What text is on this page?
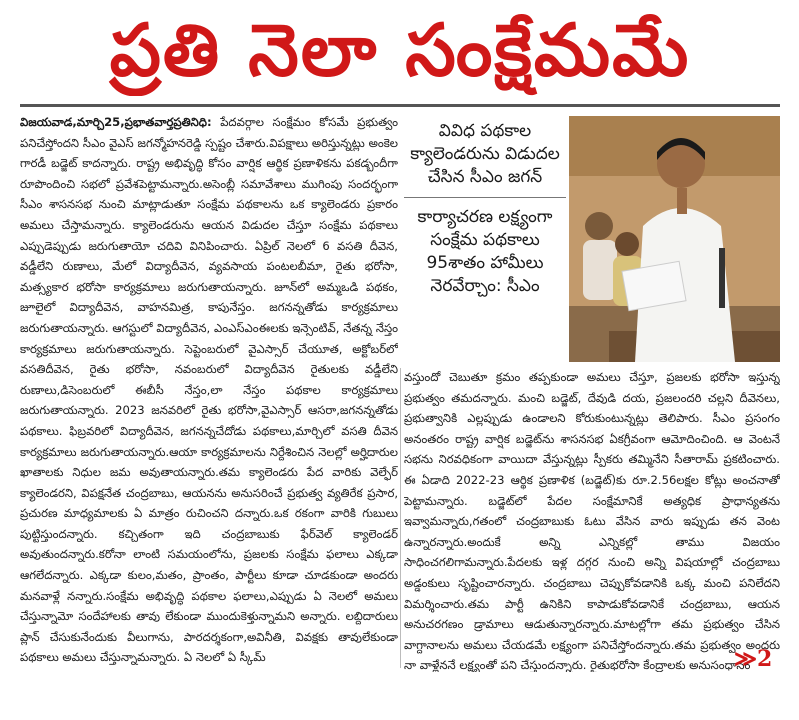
ప్రతి నెలా సంక్షేమమే

విజయవాడ,మార్చి25,ప్రభాతవార్తప్రతినిధి: పేదవర్గాల సంక్షేమం కోసమే ప్రభుత్వం పనిచేస్తోందని సీఎం వైఎస్ జగన్మోహనరెడ్డి స్పష్టం చేశారు.విపక్షాలు అరిస్తున్నట్లు అంకెల గారడీ బడ్జెట్ కాదన్నారు. రాష్ట్ర అభివృద్ధి కోసం వార్షిక ఆర్థిక ప్రణాళికను పకడ్బందీగా రూపొందించి సభలో ప్రవేశపెట్టామన్నారు.అసెంబ్లీ సమావేశాలు ముగింపు సందర్భంగా సీఎం శాసనసభ నుంచి మాట్లాడుతూ సంక్షేమ పథకాలను ఒక క్యాలెండరు ప్రకారం అమలు చేస్తామన్నారు. క్యాలెండరును ఆయన విడుదల చేస్తూ సంక్షేమ పథకాలు ఎప్పుడెప్పుడు జరుగుతాయో చదివి వినిపించారు. ఏప్రిల్ నెలలో 6 వసతి దీవెన, వడ్డీలేని రుణాలు, మేలో విద్యాదీవెన, వ్యవసాయ పంటలబీమా, రైతు భరోసా, మత్స్యకార భరోసా కార్యక్రమాలు జరుగుతాయన్నారు. జూన్‌లో అమ్మఒడి పథకం, జూలైలో విద్యాదీవెన, వాహనమిత్ర, కాపునేస్తం. జగనన్నతోడు కార్యక్రమాలు జరుగుతాయన్నారు. ఆగస్టులో విద్యాదీవెన, ఎంఎస్ఎంఈలకు ఇన్సెంటివ్, నేతన్న నేస్తం కార్యక్రమాలు జరుగుతాయన్నారు. సెప్టెంబరులో వైఎస్సార్ చేయూత, అక్టోబర్‌లో వసతిదీవెన, రైతు భరోసా, నవంబరులో విద్యాదీవెన రైతులకు వడ్డీలేని రుణాలు,డిసెంబరులో ఈబీసీ నేస్తం,లా నేస్తం పథకాల కార్యక్రమాలు జరుగుతాయన్నారు. 2023 జనవరిలో రైతు భరోసా,వైఎస్సార్ ఆసరా,జగనన్నతోడు పథకాలు. ఫిబ్రవరిలో విద్యాదీవెన, జగనన్నచేదోడు పథకాలు,మార్చిలో వసతి దీవెన కార్యక్రమాలు జరుగుతాయన్నారు.ఆయా కార్యక్రమాలను నిర్దేశించిన నెలల్లో అర్హిదారుల ఖాతాలకు నిధుల జమ అవుతాయన్నారు.తమ క్యాలెండరు పేద వారికు వెల్ఫేర్ క్యాలెండరని, విపక్షనేత చంద్రబాబు, ఆయనను అనుసరించే ప్రభుత్వ వ్యతిరేక ప్రసార, ప్రచురణ మాధ్యమాలకు ఏ మాత్రం రుచించని దన్నారు.ఒక రకంగా వారికి గుబులు పుట్టిస్తుందన్నారు. కచ్చితంగా ఇది చంద్రబాబుకు ఫేర్‌వెల్ క్యాలెండర్ అవుతుందన్నారు.కరోనా లాంటి సమయంలోను, ప్రజలకు సంక్షేమ ఫలాలు ఎక్కడా ఆగలేదన్నారు. ఎక్కడా కులం,మతం, ప్రాంతం, పార్టీలు కూడా చూడకుండా అందరు మనవాళ్లే నన్నారు.సంక్షేమ అభివృద్ధి పథకాల ఫలాలు,ఎప్పుడు ఏ నెలలో అమలు చేస్తున్నామో సందేహాలకు తావు లేకుండా ముందుకెళ్తున్నామని అన్నారు. లబ్దిదారులు ప్లాన్ చేసుకునేందుకు వీలుగాను, పారదర్శకంగా,అవినీతి, వివక్షకు తావులేకుండా పథకాలు అమలు చేస్తున్నామన్నారు. ఏ నెలలో ఏ స్కీమ్

వివిధ పథకాల క్యాలెండరును విడుదల చేసిన సీఎం జగన్
కార్యాచరణ లక్ష్యంగా సంక్షేమ పథకాలు 95శాతం హామీలు నెరవేర్చాం: సీఎం

వస్తుందో చెబుతూ క్రమం తప్పకుండా అమలు చేస్తూ, ప్రజలకు భరోసా ఇస్తున్న ప్రభుత్వం తమదన్నారు. మంచి బడ్జెట్, దేవుడి దయ, ప్రజలందరి చల్లని దీవెనలు, ప్రభుత్వానికి ఎల్లప్పుడు ఉండాలని కోరుకుంటున్నట్లు తెలిపారు. సీఎం ప్రసంగం అనంతరం రాష్ట్ర వార్షిక బడ్జెట్‌ను శాసనసభ ఏకగ్రీవంగా ఆమోదించింది. ఆ వెంటనే సభను నిరవధికంగా వాయిదా వేస్తున్నట్లు స్పీకరు తమ్మినేని సీతారామ్ ప్రకటించారు. ఈ ఏడాది 2022-23 ఆర్థిక ప్రణాళిక (బడ్జెట్)కు రూ.2.56లక్షల కోట్లు అంచనాతో పెట్టామన్నారు. బడ్జెట్‌లో పేదల సంక్షేమానికే అత్యధిక ప్రాధాన్యతను ఇవ్వామన్నారు,గతంలో చంద్రబాబుకు ఓటు వేసిన వారు ఇప్పుడు తన వెంట ఉన్నారన్నారు.అందుకే అన్ని ఎన్నికల్లో తాము విజయం సాధించగలిగామన్నారు.పేదలకు ఇళ్ల దగ్గర నుంచి అన్ని విషయాల్లో చంద్రబాబు అడ్డంకులు సృష్టించారన్నారు. చంద్రబాబు చెప్పుకోవడానికి ఒక్క మంచి పనిలేదని విమర్శించారు.తమ పార్టీ ఉనికిని కాపాడుకోవడానికే చంద్రబాబు, ఆయన అనుచరగణం డ్రామాలు ఆడుతున్నారన్నారు.మాటల్లోగా తమ ప్రభుత్వం చేసిన వాగ్దానాలను అమలు చేయడమే లక్ష్యంగా పనిచేస్తోందన్నారు.తమ ప్రభుత్వం అందరు నా వాళ్లేననే లక్ష్యంతో పని చేస్తుందన్నారు. రైతుభరోసా కేంద్రాలకు అనుసంధానం

≫2
